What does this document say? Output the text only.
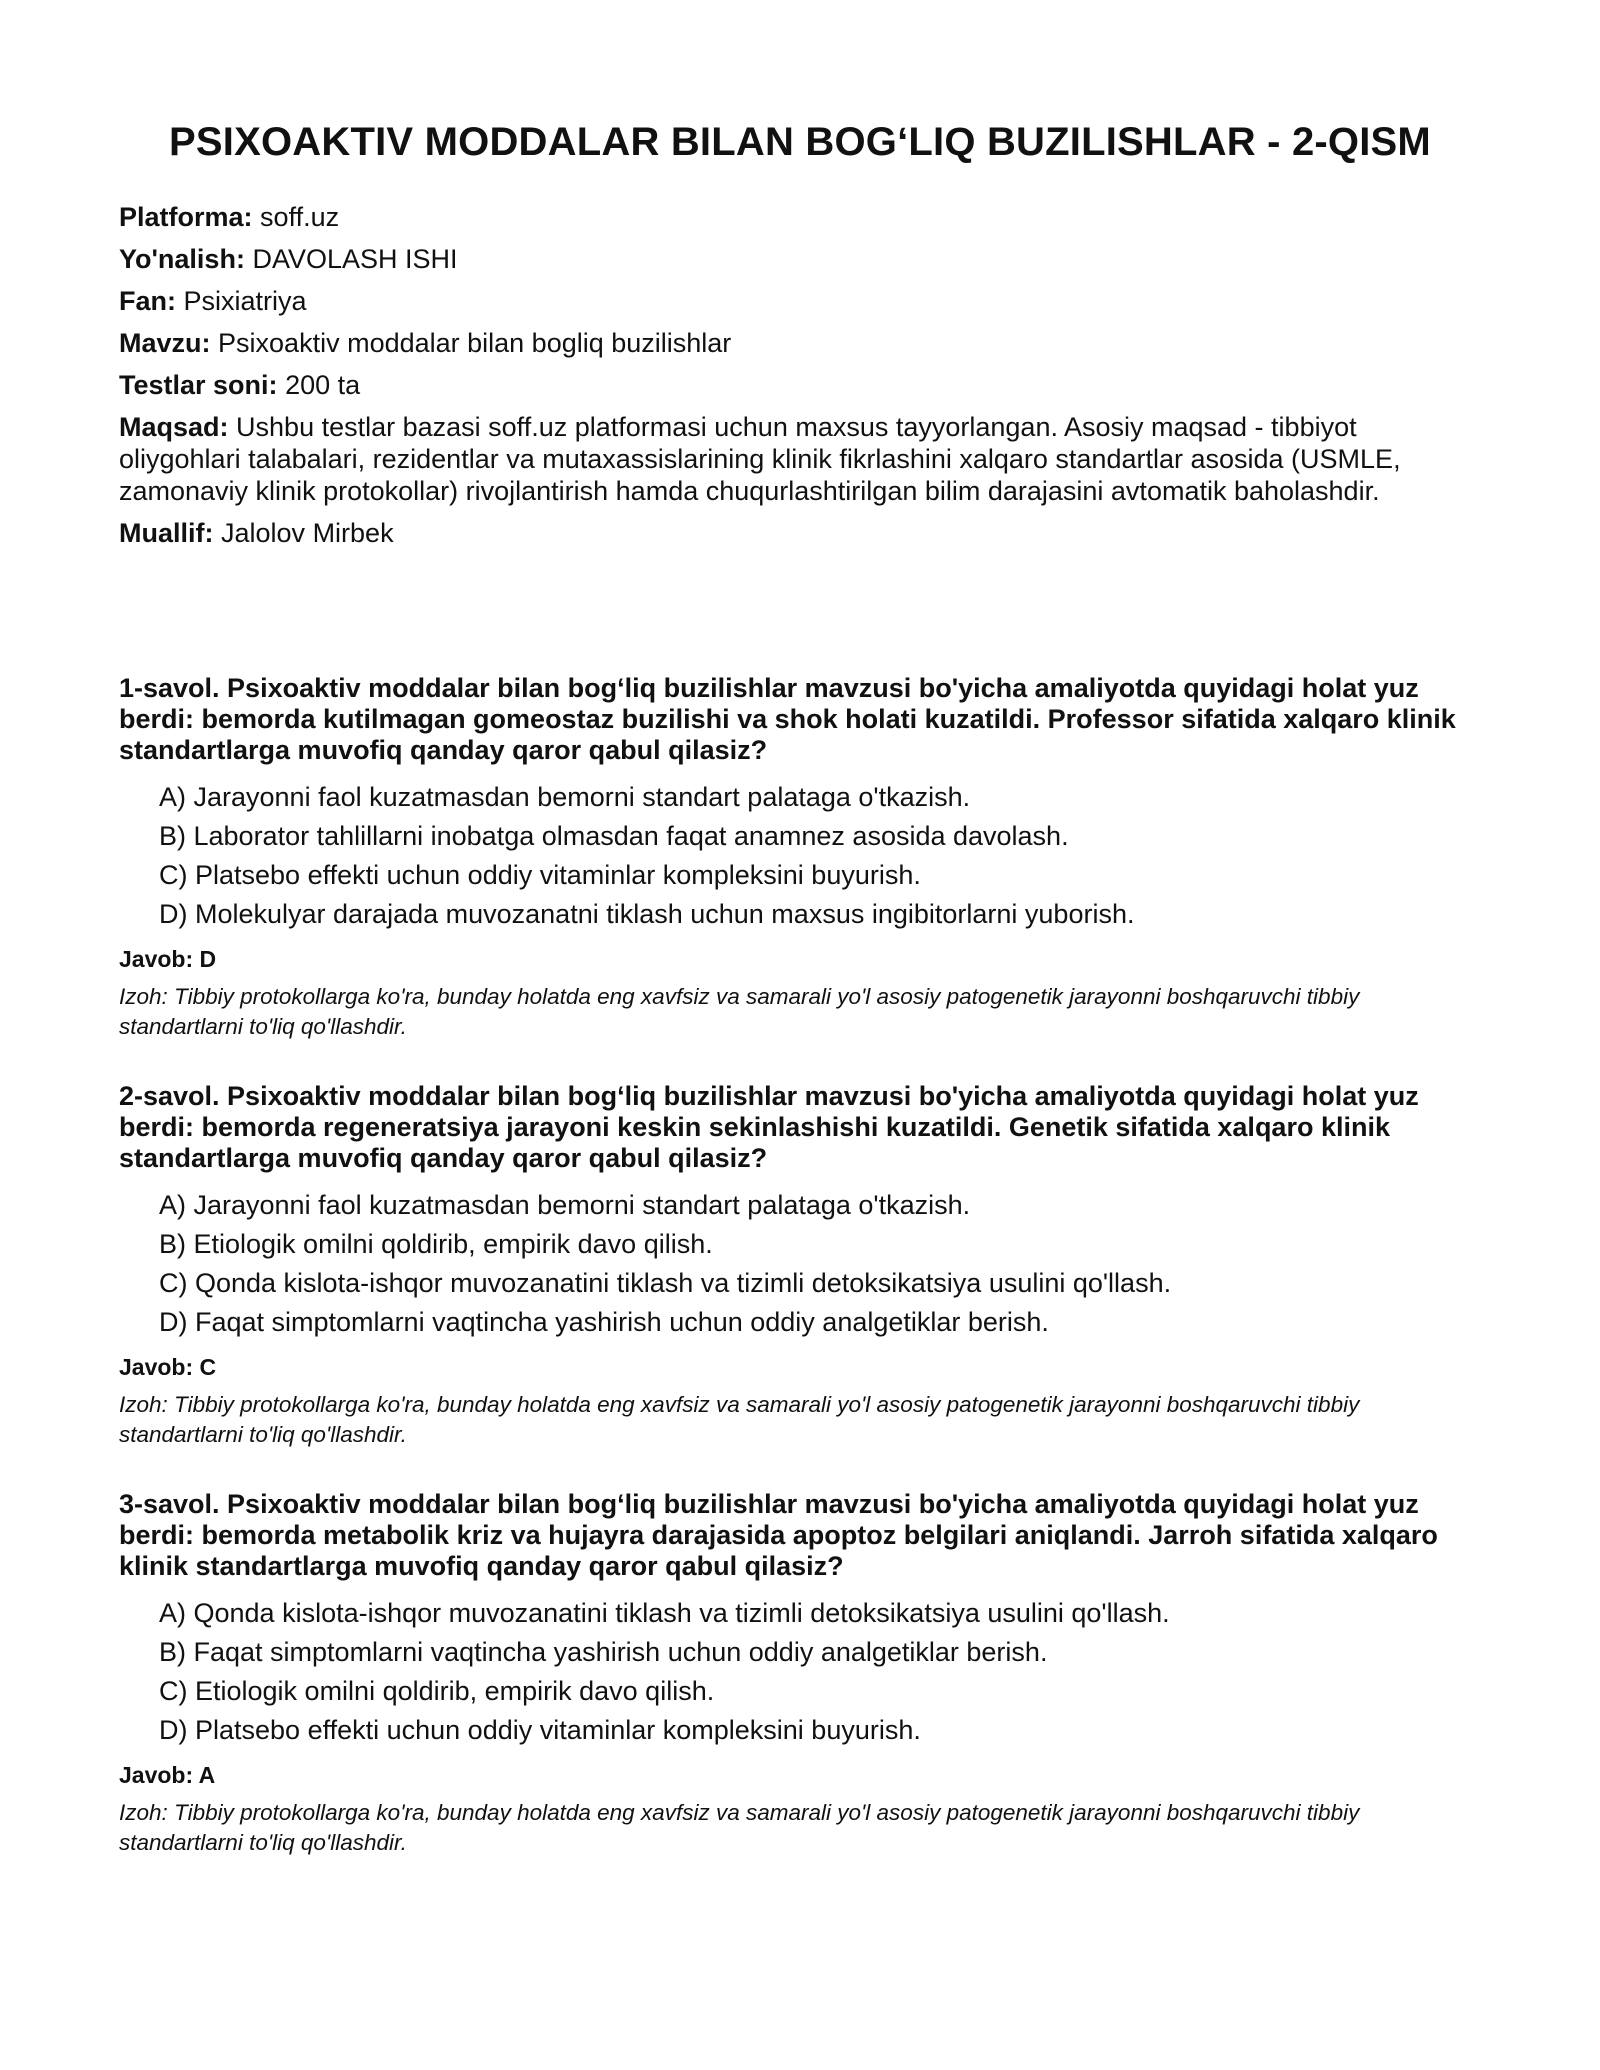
PSIXOAKTIV MODDALAR BILAN BOG‘LIQ BUZILISHLAR - 2-QISM
Platforma: soff.uz
Yo'nalish: DAVOLASH ISHI
Fan: Psixiatriya
Mavzu: Psixoaktiv moddalar bilan bogliq buzilishlar
Testlar soni: 200 ta
Maqsad: Ushbu testlar bazasi soff.uz platformasi uchun maxsus tayyorlangan. Asosiy maqsad - tibbiyot oliygohlari talabalari, rezidentlar va mutaxassislarining klinik fikrlashini xalqaro standartlar asosida (USMLE, zamonaviy klinik protokollar) rivojlantirish hamda chuqurlashtirilgan bilim darajasini avtomatik baholashdir.
Muallif: Jalolov Mirbek
1-savol. Psixoaktiv moddalar bilan bog‘liq buzilishlar mavzusi bo'yicha amaliyotda quyidagi holat yuz berdi: bemorda kutilmagan gomeostaz buzilishi va shok holati kuzatildi. Professor sifatida xalqaro klinik standartlarga muvofiq qanday qaror qabul qilasiz?
A) Jarayonni faol kuzatmasdan bemorni standart palataga o'tkazish.
B) Laborator tahlillarni inobatga olmasdan faqat anamnez asosida davolash.
C) Platsebo effekti uchun oddiy vitaminlar kompleksini buyurish.
D) Molekulyar darajada muvozanatni tiklash uchun maxsus ingibitorlarni yuborish.
Javob: D
Izoh: Tibbiy protokollarga ko'ra, bunday holatda eng xavfsiz va samarali yo'l asosiy patogenetik jarayonni boshqaruvchi tibbiy standartlarni to'liq qo'llashdir.
2-savol. Psixoaktiv moddalar bilan bog‘liq buzilishlar mavzusi bo'yicha amaliyotda quyidagi holat yuz berdi: bemorda regeneratsiya jarayoni keskin sekinlashishi kuzatildi. Genetik sifatida xalqaro klinik standartlarga muvofiq qanday qaror qabul qilasiz?
A) Jarayonni faol kuzatmasdan bemorni standart palataga o'tkazish.
B) Etiologik omilni qoldirib, empirik davo qilish.
C) Qonda kislota-ishqor muvozanatini tiklash va tizimli detoksikatsiya usulini qo'llash.
D) Faqat simptomlarni vaqtincha yashirish uchun oddiy analgetiklar berish.
Javob: C
Izoh: Tibbiy protokollarga ko'ra, bunday holatda eng xavfsiz va samarali yo'l asosiy patogenetik jarayonni boshqaruvchi tibbiy standartlarni to'liq qo'llashdir.
3-savol. Psixoaktiv moddalar bilan bog‘liq buzilishlar mavzusi bo'yicha amaliyotda quyidagi holat yuz berdi: bemorda metabolik kriz va hujayra darajasida apoptoz belgilari aniqlandi. Jarroh sifatida xalqaro klinik standartlarga muvofiq qanday qaror qabul qilasiz?
A) Qonda kislota-ishqor muvozanatini tiklash va tizimli detoksikatsiya usulini qo'llash.
B) Faqat simptomlarni vaqtincha yashirish uchun oddiy analgetiklar berish.
C) Etiologik omilni qoldirib, empirik davo qilish.
D) Platsebo effekti uchun oddiy vitaminlar kompleksini buyurish.
Javob: A
Izoh: Tibbiy protokollarga ko'ra, bunday holatda eng xavfsiz va samarali yo'l asosiy patogenetik jarayonni boshqaruvchi tibbiy standartlarni to'liq qo'llashdir.
